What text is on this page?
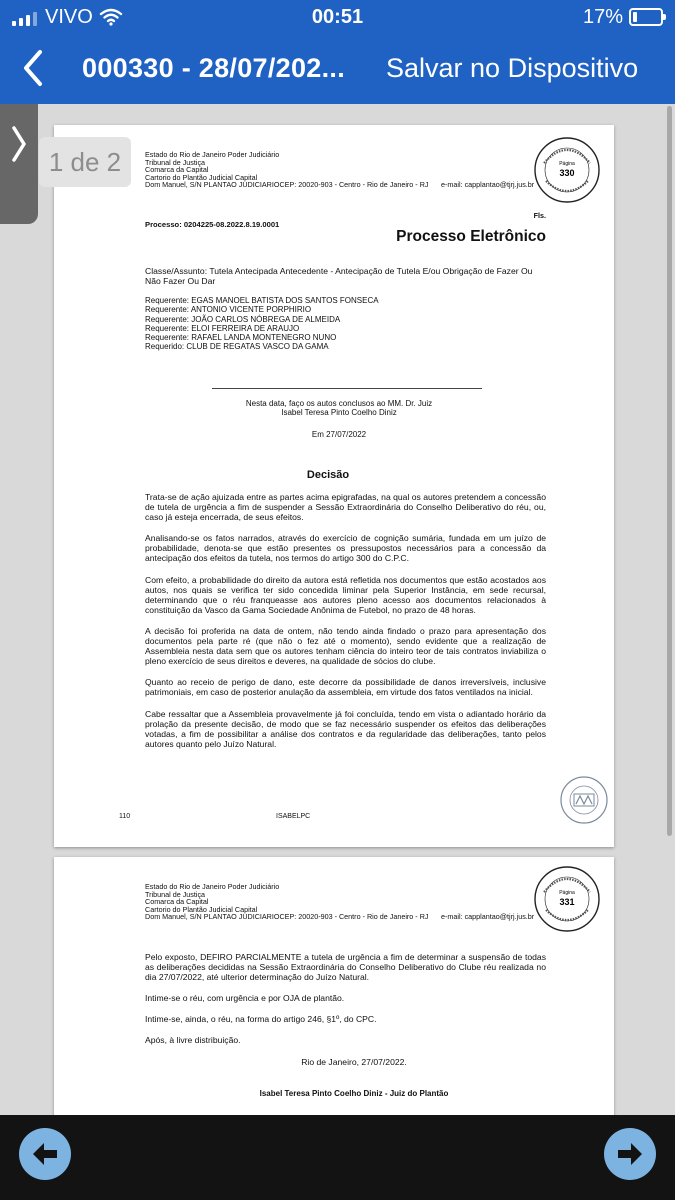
VIVO	00:51	17%
000330 - 28/07/202... Salvar no Dispositivo
1 de 2	Estado do Rio de Janeiro Poder Judiciário
Tribunal de Justiça
Comarca da Capital
Cartorio do Plantão Judicial Capital
Dom Manuel, S/N PLANTAO JUDICIARIOCEP: 20020-903 - Centro - Rio de Janeiro - RJ e-mail: capplantao@tjrj.jus.br
Página
330
Fls.
Processo: 0204225-08.2022.8.19.0001
Processo Eletrônico
Classe/Assunto: Tutela Antecipada Antecedente - Antecipação de Tutela E/ou Obrigação de Fazer Ou Não Fazer Ou Dar
Requerente: EGAS MANOEL BATISTA DOS SANTOS FONSECA
Requerente: ANTONIO VICENTE PORPHIRIO
Requerente: JOÃO CARLOS NÓBREGA DE ALMEIDA
Requerente: ELOI FERREIRA DE ARAUJO
Requerente: RAFAEL LANDA MONTENEGRO NUNO
Requerido: CLUB DE REGATAS VASCO DA GAMA
Nesta data, faço os autos conclusos ao MM. Dr. Juiz
Isabel Teresa Pinto Coelho Diniz
Em 27/07/2022
Decisão

Trata-se de ação ajuizada entre as partes acima epigrafadas, na qual os autores pretendem a concessão de tutela de urgência a fim de suspender a Sessão Extraordinária do Conselho Deliberativo do réu, ou, caso já esteja encerrada, de seus efeitos.

Analisando-se os fatos narrados, através do exercício de cognição sumária, fundada em um juízo de probabilidade, denota-se que estão presentes os pressupostos necessários para a concessão da antecipação dos efeitos da tutela, nos termos do artigo 300 do C.P.C.

Com efeito, a probabilidade do direito da autora está refletida nos documentos que estão acostados aos autos, nos quais se verifica ter sido concedida liminar pela Superior Instância, em sede recursal, determinando que o réu franqueasse aos autores pleno acesso aos documentos relacionados à constituição da Vasco da Gama Sociedade Anônima de Futebol, no prazo de 48 horas.

A decisão foi proferida na data de ontem, não tendo ainda findado o prazo para apresentação dos documentos pela parte ré (que não o fez até o momento), sendo evidente que a realização de Assembleia nesta data sem que os autores tenham ciência do inteiro teor de tais contratos inviabiliza o pleno exercício de seus direitos e deveres, na qualidade de sócios do clube.

Quanto ao receio de perigo de dano, este decorre da possibilidade de danos irreversíveis, inclusive patrimoniais, em caso de posterior anulação da assembleia, em virtude dos fatos ventilados na inicial.

Cabe ressaltar que a Assembleia provavelmente já foi concluída, tendo em vista o adiantado horário da prolação da presente decisão, de modo que se faz necessário suspender os efeitos das deliberações votadas, a fim de possibilitar a análise dos contratos e da regularidade das deliberações, tanto pelos autores quanto pelo Juízo Natural.

110	ISABELPC
Estado do Rio de Janeiro Poder Judiciário
Tribunal de Justiça
Comarca da Capital
Cartorio do Plantão Judicial Capital
Dom Manuel, S/N PLANTAO JUDICIARIOCEP: 20020-903 - Centro - Rio de Janeiro - RJ e-mail: capplantao@tjrj.jus.br
Página
331

Pelo exposto, DEFIRO PARCIALMENTE a tutela de urgência a fim de determinar a suspensão de todas as deliberações decididas na Sessão Extraordinária do Conselho Deliberativo do Clube réu realizada no dia 27/07/2022, até ulterior determinação do Juízo Natural.

Intime-se o réu, com urgência e por OJA de plantão.

Intime-se, ainda, o réu, na forma do artigo 246, §1º, do CPC.

Após, à livre distribuição.

Rio de Janeiro, 27/07/2022.
Isabel Teresa Pinto Coelho Diniz - Juiz do Plantão
